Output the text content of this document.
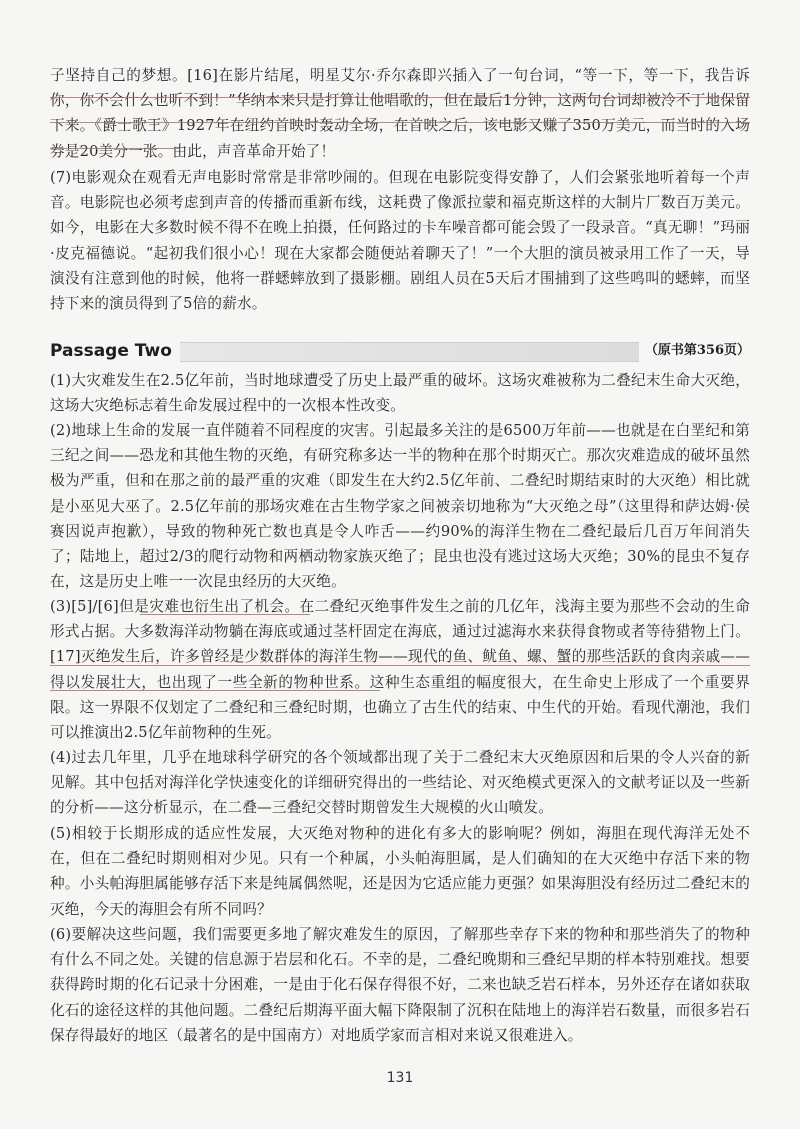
子坚持自己的梦想。[16]在影片结尾，明星艾尔·乔尔森即兴插入了一句台词，“等一下，等一下，我告诉你，你不会什么也听不到！”华纳本来只是打算让他唱歌的，但在最后1分钟，这两句台词却被冷不丁地保留下来。《爵士歌王》1927年在纽约首映时轰动全场，在首映之后，该电影又赚了350万美元，而当时的入场券是20美分一张。由此，声音革命开始了！

(7)电影观众在观看无声电影时常常是非常吵闹的。但现在电影院变得安静了，人们会紧张地听着每一个声音。电影院也必须考虑到声音的传播而重新布线，这耗费了像派拉蒙和福克斯这样的大制片厂数百万美元。如今，电影在大多数时候不得不在晚上拍摄，任何路过的卡车噪音都可能会毁了一段录音。“真无聊！”玛丽·皮克福德说。“起初我们很小心！现在大家都会随便站着聊天了！”一个大胆的演员被录用工作了一天，导演没有注意到他的时候，他将一群蟋蟀放到了摄影棚。剧组人员在5天后才围捕到了这些鸣叫的蟋蟀，而坚持下来的演员得到了5倍的薪水。

Passage Two	（原书第356页）

(1)大灾难发生在2.5亿年前，当时地球遭受了历史上最严重的破坏。这场灾难被称为二叠纪末生命大灭绝，这场大灾绝标志着生命发展过程中的一次根本性改变。

(2)地球上生命的发展一直伴随着不同程度的灾害。引起最多关注的是6500万年前——也就是在白垩纪和第三纪之间——恐龙和其他生物的灭绝，有研究称多达一半的物种在那个时期灭亡。那次灾难造成的破坏虽然极为严重，但和在那之前的最严重的灾难（即发生在大约2.5亿年前、二叠纪时期结束时的大灭绝）相比就是小巫见大巫了。2.5亿年前的那场灾难在古生物学家之间被亲切地称为“大灭绝之母”（这里得和萨达姆·侯赛因说声抱歉），导致的物种死亡数也真是令人咋舌——约90%的海洋生物在二叠纪最后几百万年间消失了；陆地上，超过2/3的爬行动物和两栖动物家族灭绝了；昆虫也没有逃过这场大灭绝；30%的昆虫不复存在，这是历史上唯一一次昆虫经历的大灭绝。

(3)[5]/[6]但是灾难也衍生出了机会。在二叠纪灭绝事件发生之前的几亿年，浅海主要为那些不会动的生命形式占据。大多数海洋动物躺在海底或通过茎杆固定在海底，通过过滤海水来获得食物或者等待猎物上门。[17]灭绝发生后，许多曾经是少数群体的海洋生物——现代的鱼、鱿鱼、螺、蟹的那些活跃的食肉亲戚——得以发展壮大，也出现了一些全新的物种世系。这种生态重组的幅度很大，在生命史上形成了一个重要界限。这一界限不仅划定了二叠纪和三叠纪时期，也确立了古生代的结束、中生代的开始。看现代潮池，我们可以推演出2.5亿年前物种的生死。

(4)过去几年里，几乎在地球科学研究的各个领域都出现了关于二叠纪末大灭绝原因和后果的令人兴奋的新见解。其中包括对海洋化学快速变化的详细研究得出的一些结论、对灭绝模式更深入的文献考证以及一些新的分析——这分析显示，在二叠—三叠纪交替时期曾发生大规模的火山喷发。

(5)相较于长期形成的适应性发展，大灭绝对物种的进化有多大的影响呢？例如，海胆在现代海洋无处不在，但在二叠纪时期则相对少见。只有一个种属，小头帕海胆属，是人们确知的在大灭绝中存活下来的物种。小头帕海胆属能够存活下来是纯属偶然呢，还是因为它适应能力更强？如果海胆没有经历过二叠纪末的灭绝，今天的海胆会有所不同吗？

(6)要解决这些问题，我们需要更多地了解灾难发生的原因，了解那些幸存下来的物种和那些消失了的物种有什么不同之处。关键的信息源于岩层和化石。不幸的是，二叠纪晚期和三叠纪早期的样本特别难找。想要获得跨时期的化石记录十分困难，一是由于化石保存得很不好，二来也缺乏岩石样本，另外还存在诸如获取化石的途径这样的其他问题。二叠纪后期海平面大幅下降限制了沉积在陆地上的海洋岩石数量，而很多岩石保存得最好的地区（最著名的是中国南方）对地质学家而言相对来说又很难进入。

131
